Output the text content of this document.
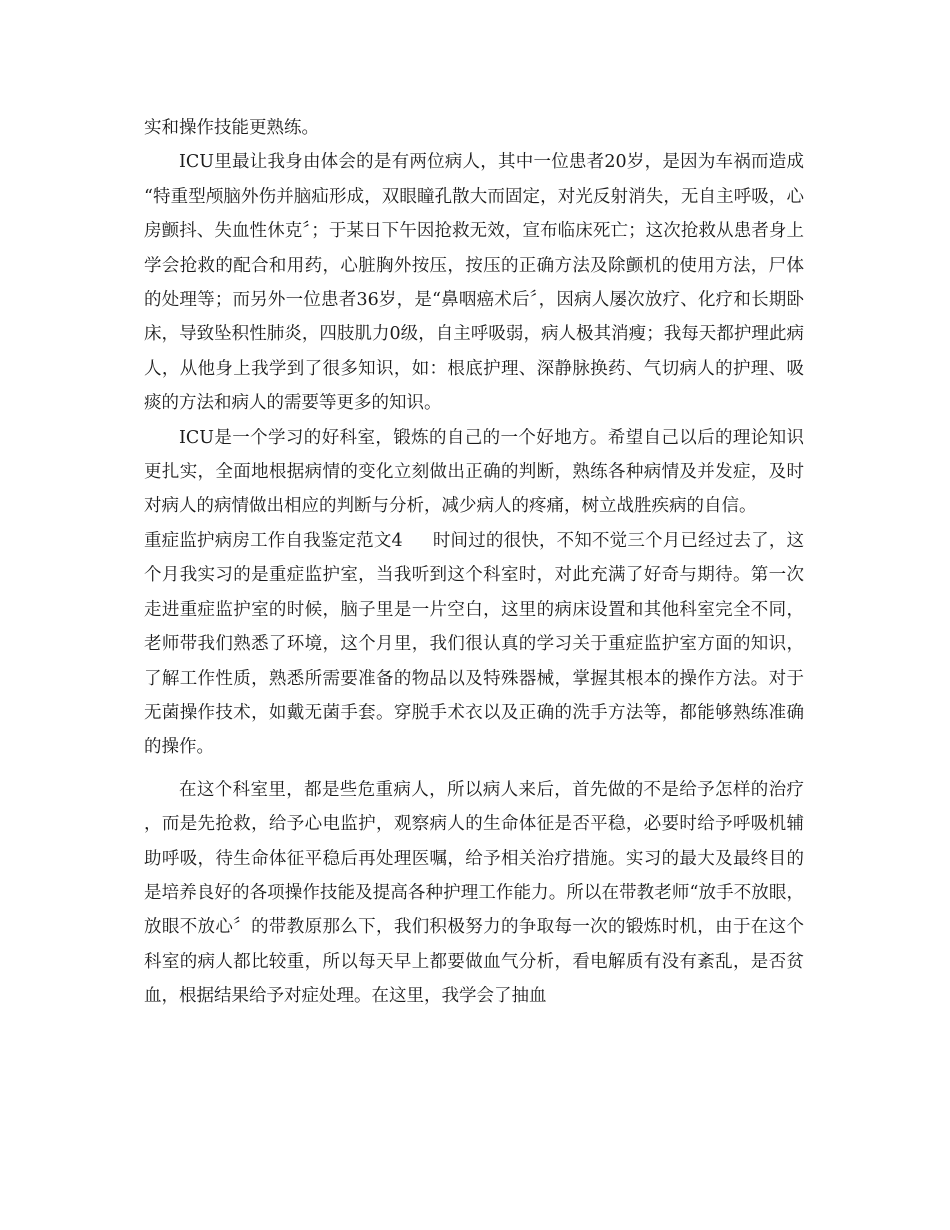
实和操作技能更熟练。

ICU里最让我身由体会的是有两位病人，其中一位患者20岁，是因为车祸而造成“特重型颅脑外伤并脑疝形成，双眼瞳孔散大而固定，对光反射消失，无自主呼吸，心房颤抖、失血性休克〞；于某日下午因抢救无效，宣布临床死亡；这次抢救从患者身上学会抢救的配合和用药，心脏胸外按压，按压的正确方法及除颤机的使用方法，尸体的处理等；而另外一位患者36岁，是“鼻咽癌术后〞，因病人屡次放疗、化疗和长期卧床，导致坠积性肺炎，四肢肌力0级，自主呼吸弱，病人极其消瘦；我每天都护理此病人，从他身上我学到了很多知识，如：根底护理、深静脉换药、气切病人的护理、吸痰的方法和病人的需要等更多的知识。

ICU是一个学习的好科室，锻炼的自己的一个好地方。希望自己以后的理论知识更扎实，全面地根据病情的变化立刻做出正确的判断，熟练各种病情及并发症，及时对病人的病情做出相应的判断与分析，减少病人的疼痛，树立战胜疾病的自信。

重症监护病房工作自我鉴定范文4 时间过的很快，不知不觉三个月已经过去了，这个月我实习的是重症监护室，当我听到这个科室时，对此充满了好奇与期待。第一次走进重症监护室的时候，脑子里是一片空白，这里的病床设置和其他科室完全不同，老师带我们熟悉了环境，这个月里，我们很认真的学习关于重症监护室方面的知识，了解工作性质，熟悉所需要准备的物品以及特殊器械，掌握其根本的操作方法。对于无菌操作技术，如戴无菌手套。穿脱手术衣以及正确的洗手方法等，都能够熟练准确的操作。

在这个科室里，都是些危重病人，所以病人来后，首先做的不是给予怎样的治疗，而是先抢救，给予心电监护，观察病人的生命体征是否平稳，必要时给予呼吸机辅助呼吸，待生命体征平稳后再处理医嘱，给予相关治疗措施。实习的最大及最终目的是培养良好的各项操作技能及提高各种护理工作能力。所以在带教老师“放手不放眼，放眼不放心〞的带教原那么下，我们积极努力的争取每一次的锻炼时机，由于在这个科室的病人都比较重，所以每天早上都要做血气分析，看电解质有没有紊乱，是否贫血，根据结果给予对症处理。在这里，我学会了抽血
